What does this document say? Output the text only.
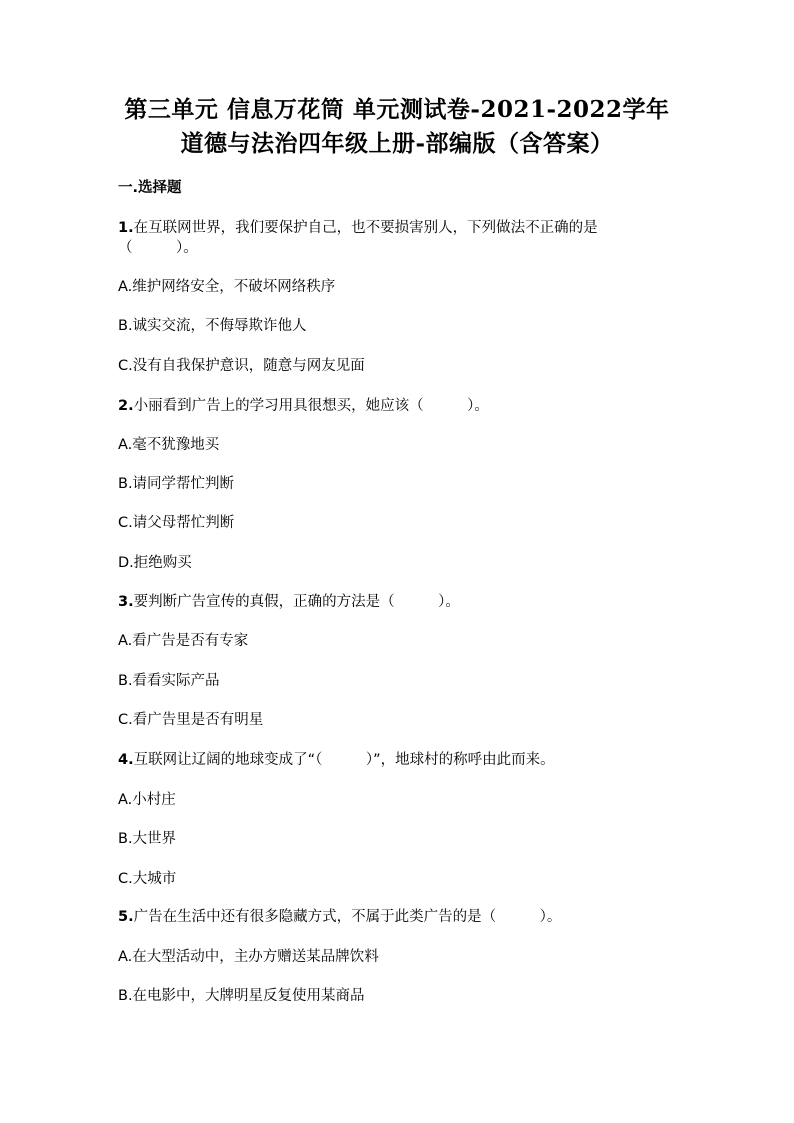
第三单元 信息万花筒 单元测试卷-2021-2022学年
道德与法治四年级上册-部编版（含答案）
一.选择题
1.在互联网世界，我们要保护自己，也不要损害别人，下列做法不正确的是
（　　　）。
A.维护网络安全，不破坏网络秩序
B.诚实交流，不侮辱欺诈他人
C.没有自我保护意识，随意与网友见面
2.小丽看到广告上的学习用具很想买，她应该（　　　）。
A.毫不犹豫地买
B.请同学帮忙判断
C.请父母帮忙判断
D.拒绝购买
3.要判断广告宣传的真假，正确的方法是（　　　）。
A.看广告是否有专家
B.看看实际产品
C.看广告里是否有明星
4.互联网让辽阔的地球变成了“（　　　）”，地球村的称呼由此而来。
A.小村庄
B.大世界
C.大城市
5.广告在生活中还有很多隐藏方式，不属于此类广告的是（　　　）。
A.在大型活动中，主办方赠送某品牌饮料
B.在电影中，大牌明星反复使用某商品
